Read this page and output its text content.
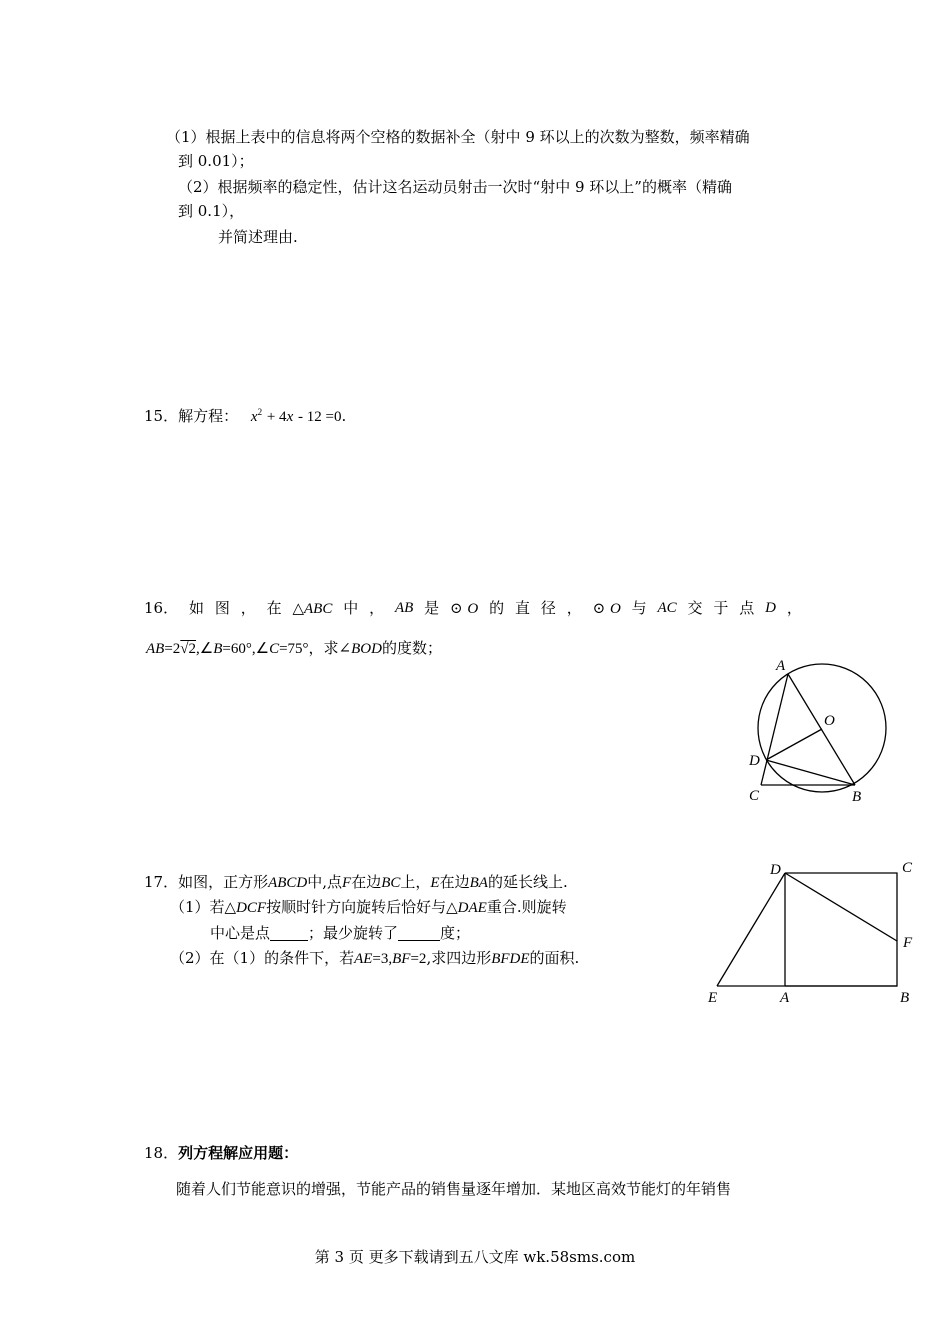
（1）根据上表中的信息将两个空格的数据补全（射中 9 环以上的次数为整数，频率精确
到 0.01）；
（2）根据频率的稳定性，估计这名运动员射击一次时“射中 9 环以上”的概率（精确
到 0.1），
并简述理由.
15．解方程： $x^2 + 4x - 12 =0$.
16． 如 图 ， 在 △ABC 中 ， AB 是 ⊙ O 的 直 径 ， ⊙ O 与 AC 交 于 点 D ，
AB=2√2,∠B=60°,∠C=75°，求∠BOD的度数；
A
O
D
C	B
17．如图，正方形ABCD中,点F在边BC上，E在边BA的延长线上.
（1）若△DCF按顺时针方向旋转后恰好与△DAE重合.则旋转
中心是点	；最少旋转了	度；
（2）在（1）的条件下，若AE=3,BF=2,求四边形BFDE的面积.
D	C
F
E	A	B
18．列方程解应用题：
随着人们节能意识的增强，节能产品的销售量逐年增加．某地区高效节能灯的年销售
第 3 页 更多下载请到五八文库 wk.58sms.com
